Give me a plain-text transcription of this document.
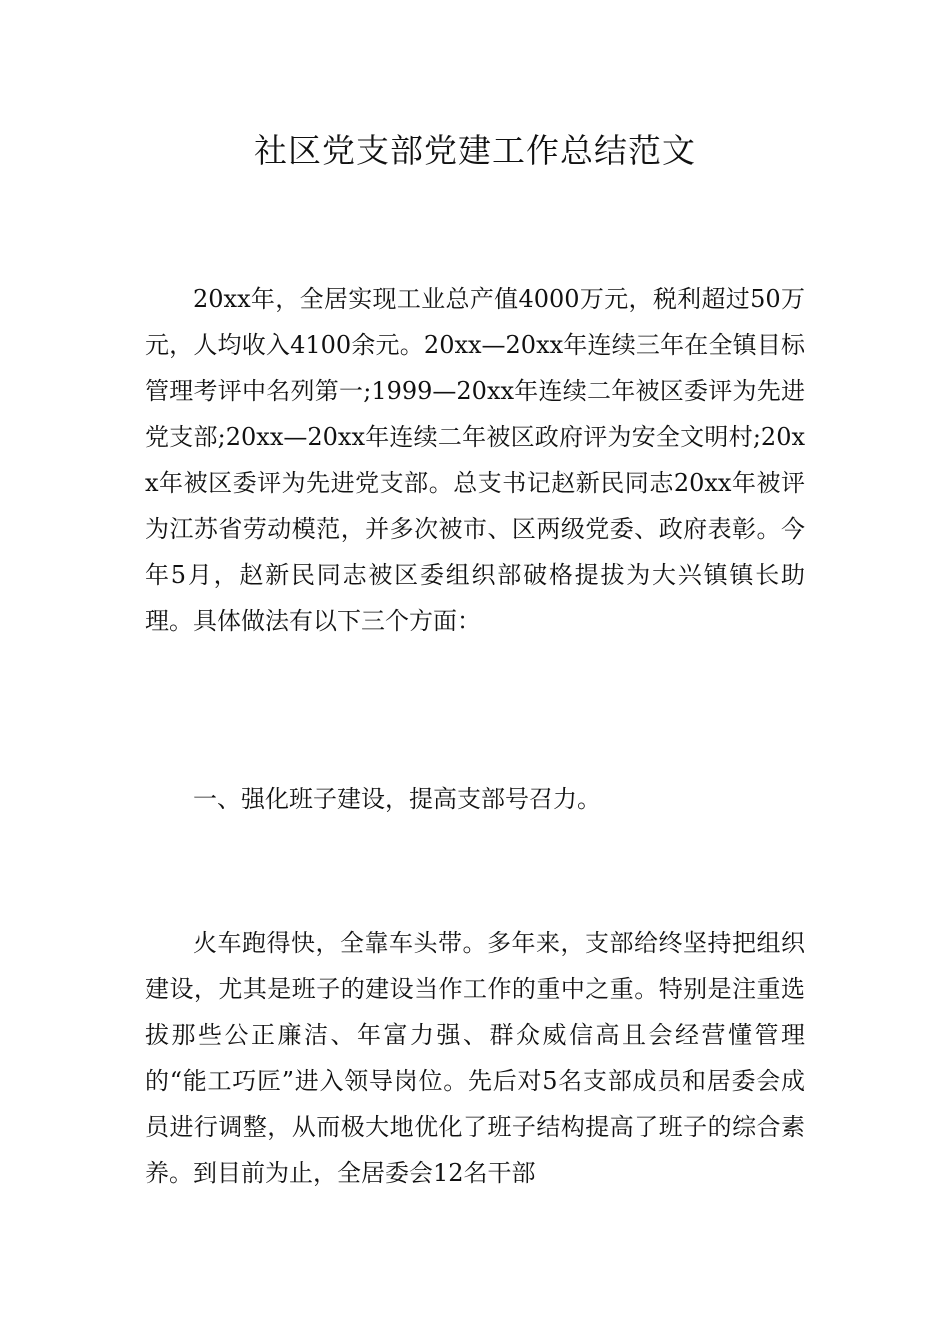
社区党支部党建工作总结范文

20xx年，全居实现工业总产值4000万元，税利超过50万元，人均收入4100余元。20xx—20xx年连续三年在全镇目标管理考评中名列第一;1999—20xx年连续二年被区委评为先进党支部;20xx—20xx年连续二年被区政府评为安全文明村;20xx年被区委评为先进党支部。总支书记赵新民同志20xx年被评为江苏省劳动模范，并多次被市、区两级党委、政府表彰。今年5月，赵新民同志被区委组织部破格提拔为大兴镇镇长助理。具体做法有以下三个方面：

一、强化班子建设，提高支部号召力。

火车跑得快，全靠车头带。多年来，支部给终坚持把组织建设，尤其是班子的建设当作工作的重中之重。特别是注重选拔那些公正廉洁、年富力强、群众威信高且会经营懂管理的“能工巧匠”进入领导岗位。先后对5名支部成员和居委会成员进行调整，从而极大地优化了班子结构提高了班子的综合素养。到目前为止，全居委会12名干部
